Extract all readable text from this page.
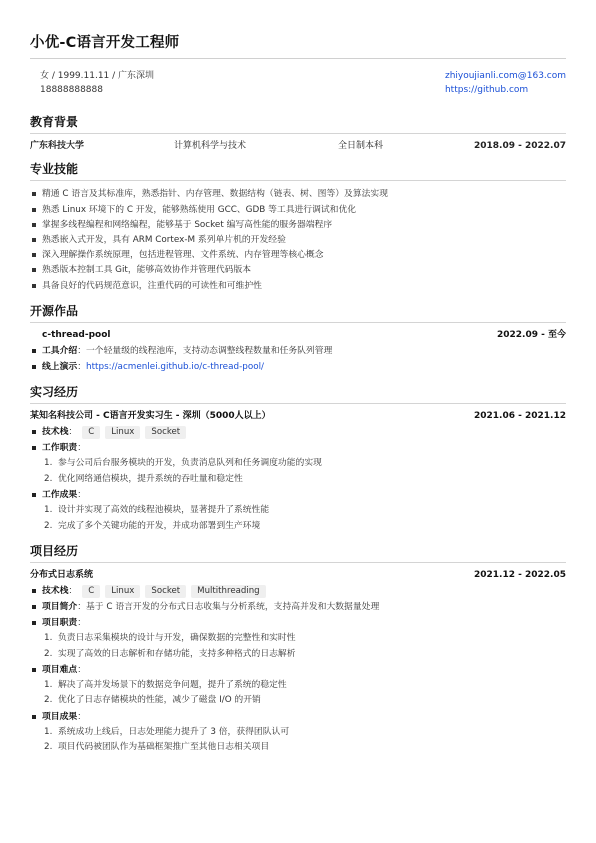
小优-C语言开发工程师
女 / 1999.11.11 / 广东深圳
18888888888
zhiyoujianli.com@163.com
https://github.com
教育背景
广东科技大学	计算机科学与技术	全日制本科	2018.09 - 2022.07
专业技能
精通 C 语言及其标准库，熟悉指针、内存管理、数据结构（链表、树、图等）及算法实现
熟悉 Linux 环境下的 C 开发，能够熟练使用 GCC、GDB 等工具进行调试和优化
掌握多线程编程和网络编程，能够基于 Socket 编写高性能的服务器端程序
熟悉嵌入式开发，具有 ARM Cortex-M 系列单片机的开发经验
深入理解操作系统原理，包括进程管理、文件系统、内存管理等核心概念
熟悉版本控制工具 Git，能够高效协作并管理代码版本
具备良好的代码规范意识，注重代码的可读性和可维护性
开源作品
c-thread-pool	2022.09 - 至今
工具介绍 ：一个轻量级的线程池库，支持动态调整线程数量和任务队列管理
线上演示 ： https://acmenlei.github.io/c-thread-pool/
实习经历
某知名科技公司 - C语言开发实习生 - 深圳（5000人以上）	2021.06 - 2021.12
技术栈 ：	C	Linux	Socket
工作职责 ：
1. 参与公司后台服务模块的开发，负责消息队列和任务调度功能的实现
2. 优化网络通信模块，提升系统的吞吐量和稳定性
工作成果 ：
1. 设计并实现了高效的线程池模块，显著提升了系统性能
2. 完成了多个关键功能的开发，并成功部署到生产环境
项目经历
分布式日志系统	2021.12 - 2022.05
技术栈 ：	C	Linux	Socket	Multithreading
项目简介 ：基于 C 语言开发的分布式日志收集与分析系统，支持高并发和大数据量处理
项目职责 ：
1. 负责日志采集模块的设计与开发，确保数据的完整性和实时性
2. 实现了高效的日志解析和存储功能，支持多种格式的日志解析
项目难点 ：
1. 解决了高并发场景下的数据竞争问题，提升了系统的稳定性
2. 优化了日志存储模块的性能，减少了磁盘 I/O 的开销
项目成果 ：
1. 系统成功上线后，日志处理能力提升了 3 倍，获得团队认可
2. 项目代码被团队作为基础框架推广至其他日志相关项目
